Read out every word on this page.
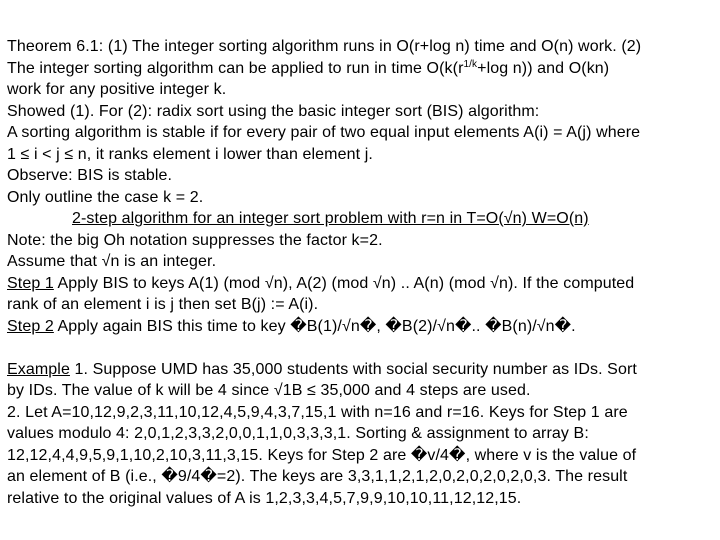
Theorem 6.1: (1) The integer sorting algorithm runs in O(r+log n) time and O(n) work. (2)
The integer sorting algorithm can be applied to run in time $O(k(r^{1/k}+\log$ n)) and O(kn)
work for any positive integer k.
Showed (1). For (2): radix sort using the basic integer sort (BIS) algorithm:
A sorting algorithm is stable if for every pair of two equal input elements A(i) = A(j) where
1 ≤ i < j ≤ n, it ranks element i lower than element j.
Observe: BIS is stable.
Only outline the case k = 2.
2-step algorithm for an integer sort problem with r=n in T=O(√n) W=O(n)
Note: the big Oh notation suppresses the factor k=2.
Assume that √n is an integer.
Step 1 Apply BIS to keys A(1) (mod √n), A(2) (mod √n) .. A(n) (mod √n). If the computed
rank of an element i is j then set B(j) := A(i).
Step 2 Apply again BIS this time to key �B(1)/√n�, �B(2)/√n�.. �B(n)/√n�.
Example 1. Suppose UMD has 35,000 students with social security number as IDs. Sort
by IDs. The value of k will be 4 since √1B ≤ 35,000 and 4 steps are used.
2. Let A=10,12,9,2,3,11,10,12,4,5,9,4,3,7,15,1 with n=16 and r=16. Keys for Step 1 are
values modulo 4: 2,0,1,2,3,3,2,0,0,1,1,0,3,3,3,1. Sorting & assignment to array B:
12,12,4,4,9,5,9,1,10,2,10,3,11,3,15. Keys for Step 2 are �v/4�, where v is the value of
an element of B (i.e., �9/4�=2). The keys are 3,3,1,1,2,1,2,0,2,0,2,0,2,0,3. The result
relative to the original values of A is 1,2,3,3,4,5,7,9,9,10,10,11,12,12,15.
